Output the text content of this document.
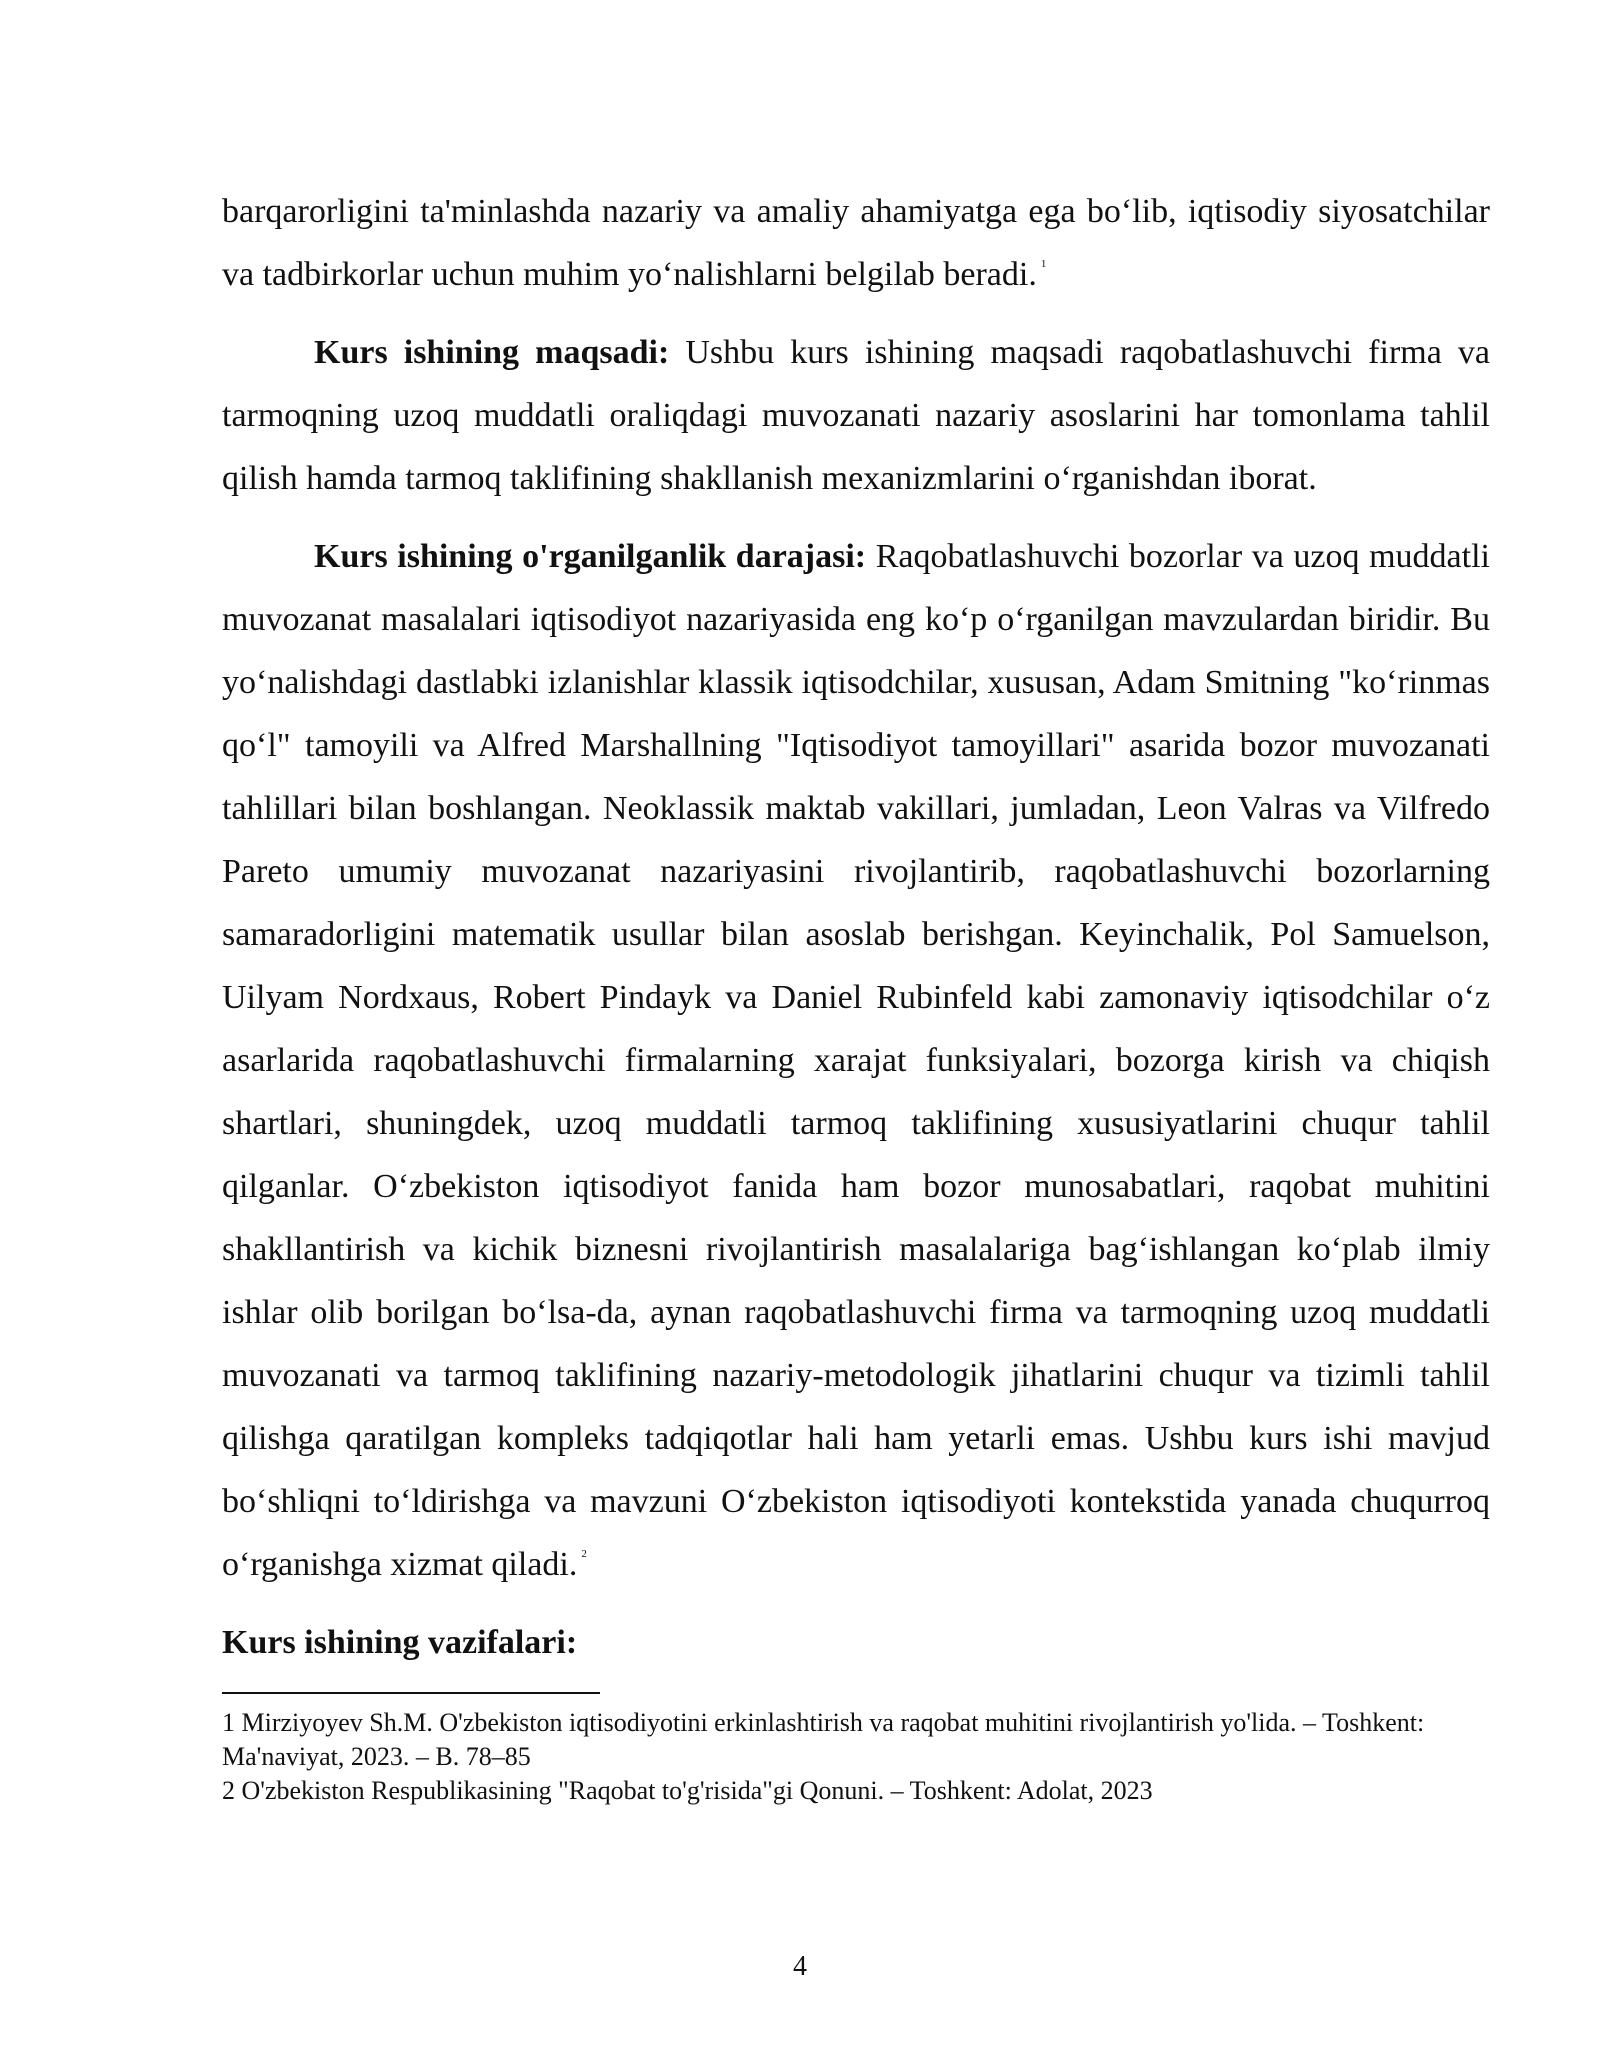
barqarorligini ta'minlashda nazariy va amaliy ahamiyatga ega bo‘lib, iqtisodiy siyosatchilar va tadbirkorlar uchun muhim yo‘nalishlarni belgilab beradi. $^1$

Kurs ishining maqsadi: Ushbu kurs ishining maqsadi raqobatlashuvchi firma va tarmoqning uzoq muddatli oraliqdagi muvozanati nazariy asoslarini har tomonlama tahlil qilish hamda tarmoq taklifining shakllanish mexanizmlarini o‘rganishdan iborat.

Kurs ishining o'rganilganlik darajasi: Raqobatlashuvchi bozorlar va uzoq muddatli muvozanat masalalari iqtisodiyot nazariyasida eng ko‘p o‘rganilgan mavzulardan biridir. Bu yo‘nalishdagi dastlabki izlanishlar klassik iqtisodchilar, xususan, Adam Smitning "ko‘rinmas qo‘l" tamoyili va Alfred Marshallning "Iqtisodiyot tamoyillari" asarida bozor muvozanati tahlillari bilan boshlangan. Neoklassik maktab vakillari, jumladan, Leon Valras va Vilfredo Pareto umumiy muvozanat nazariyasini rivojlantirib, raqobatlashuvchi bozorlarning samaradorligini matematik usullar bilan asoslab berishgan. Keyinchalik, Pol Samuelson, Uilyam Nordxaus, Robert Pindayk va Daniel Rubinfeld kabi zamonaviy iqtisodchilar o‘z asarlarida raqobatlashuvchi firmalarning xarajat funksiyalari, bozorga kirish va chiqish shartlari, shuningdek, uzoq muddatli tarmoq taklifining xususiyatlarini chuqur tahlil qilganlar. O‘zbekiston iqtisodiyot fanida ham bozor munosabatlari, raqobat muhitini shakllantirish va kichik biznesni rivojlantirish masalalariga bag‘ishlangan ko‘plab ilmiy ishlar olib borilgan bo‘lsa-da, aynan raqobatlashuvchi firma va tarmoqning uzoq muddatli muvozanati va tarmoq taklifining nazariy-metodologik jihatlarini chuqur va tizimli tahlil qilishga qaratilgan kompleks tadqiqotlar hali ham yetarli emas. Ushbu kurs ishi mavjud bo‘shliqni to‘ldirishga va mavzuni O‘zbekiston iqtisodiyoti kontekstida yanada chuqurroq o‘rganishga xizmat qiladi. $^2$

Kurs ishining vazifalari:

1 Mirziyoyev Sh.M. O'zbekiston iqtisodiyotini erkinlashtirish va raqobat muhitini rivojlantirish yo'lida. – Toshkent: Ma'naviyat, 2023. – B. 78–85

2 O'zbekiston Respublikasining "Raqobat to'g'risida"gi Qonuni. – Toshkent: Adolat, 2023

4
